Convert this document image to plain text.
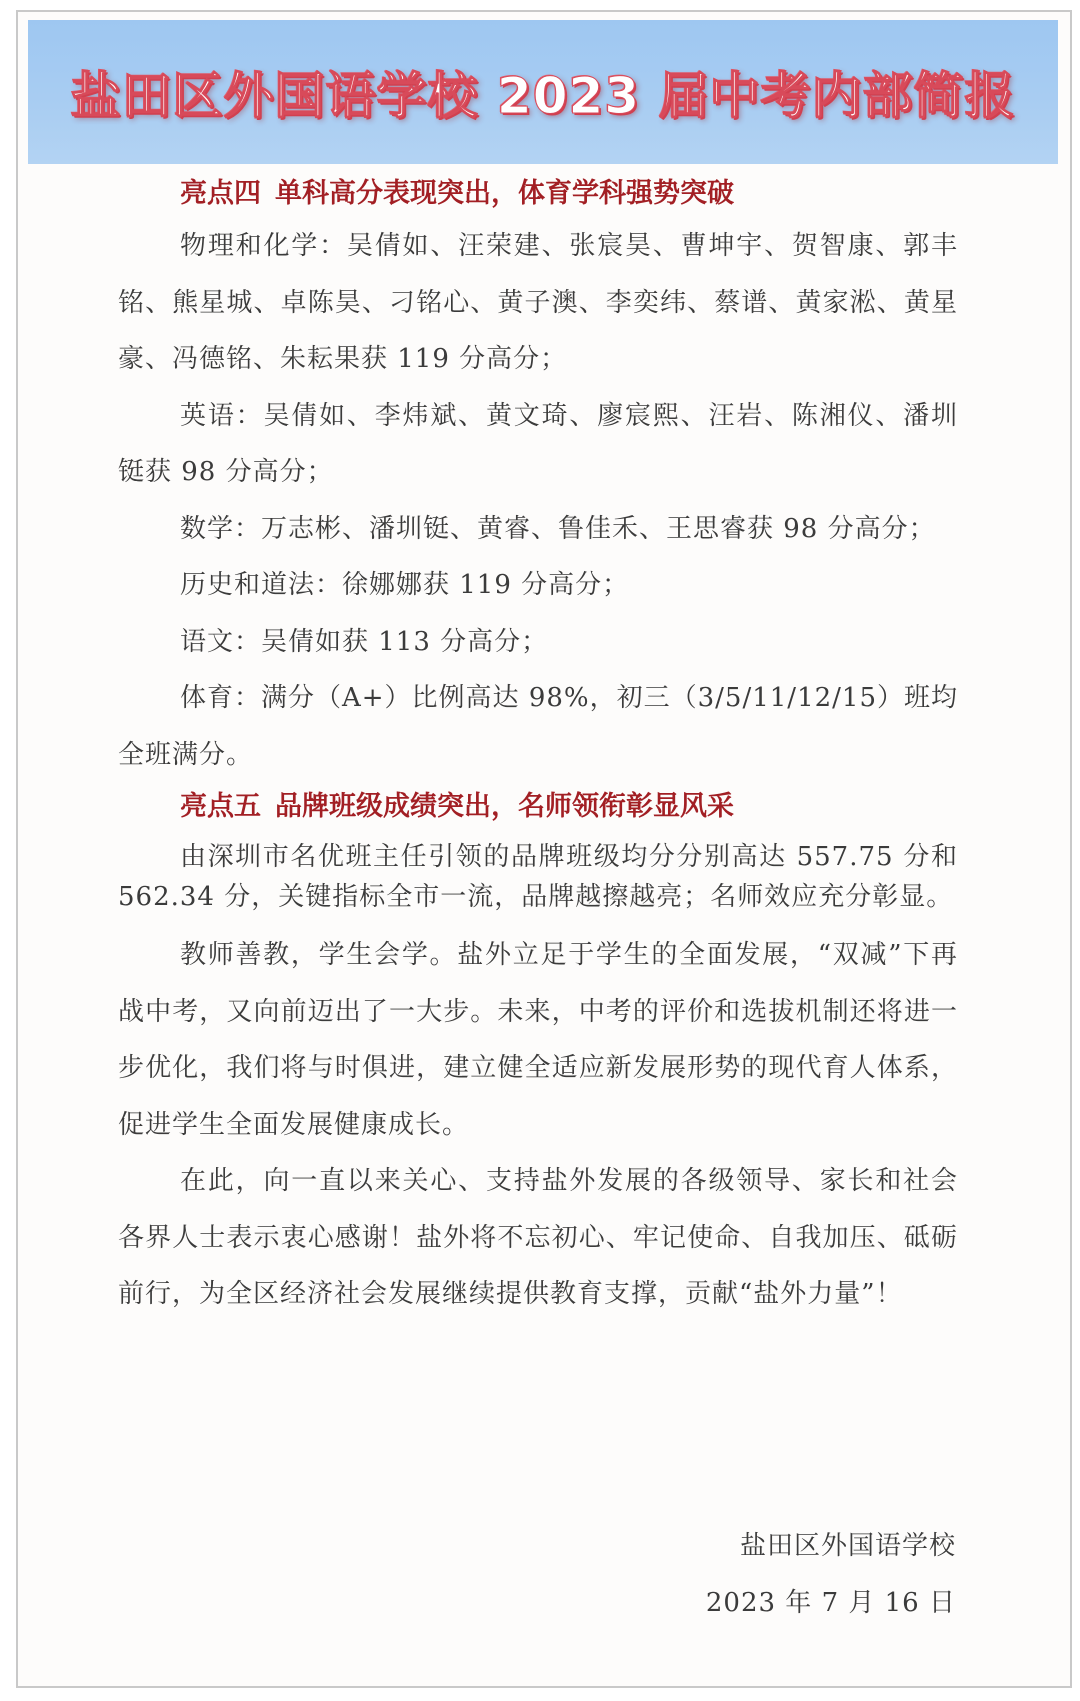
盐田区外国语学校 2023 届中考内部简报
亮点四 单科高分表现突出，体育学科强势突破

物理和化学：吴倩如、汪荣建、张宸昊、曹坤宇、贺智康、郭丰铭、熊星城、卓陈昊、刁铭心、黄子澳、李奕纬、蔡谱、黄家淞、黄星豪、冯德铭、朱耘果获 119 分高分；

英语：吴倩如、李炜斌、黄文琦、廖宸熙、汪岩、陈湘仪、潘圳铤获 98 分高分；

数学：万志彬、潘圳铤、黄睿、鲁佳禾、王思睿获 98 分高分；

历史和道法：徐娜娜获 119 分高分；

语文：吴倩如获 113 分高分；

体育：满分（A+）比例高达 98%，初三（3/5/11/12/15）班均全班满分。

亮点五 品牌班级成绩突出，名师领衔彰显风采

由深圳市名优班主任引领的品牌班级均分分别高达 557.75 分和 562.34 分，关键指标全市一流，品牌越擦越亮；名师效应充分彰显。

教师善教，学生会学。盐外立足于学生的全面发展，“双减”下再战中考，又向前迈出了一大步。未来，中考的评价和选拔机制还将进一步优化，我们将与时俱进，建立健全适应新发展形势的现代育人体系，促进学生全面发展健康成长。

在此，向一直以来关心、支持盐外发展的各级领导、家长和社会各界人士表示衷心感谢！盐外将不忘初心、牢记使命、自我加压、砥砺前行，为全区经济社会发展继续提供教育支撑，贡献“盐外力量”！

盐田区外国语学校
2023 年 7 月 16 日
